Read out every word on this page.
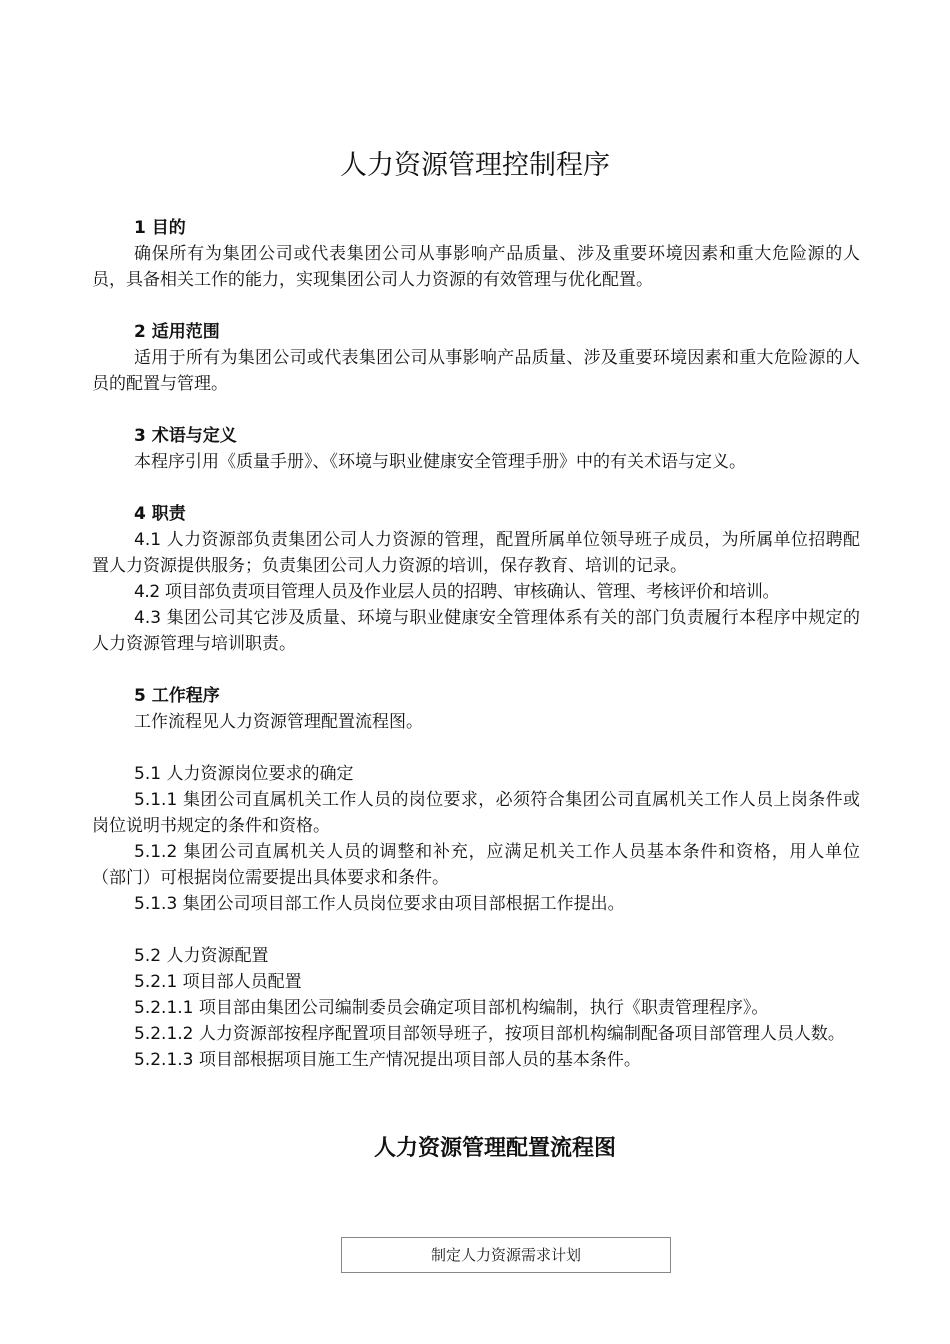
人力资源管理控制程序

1 目的

确保所有为集团公司或代表集团公司从事影响产品质量、涉及重要环境因素和重大危险源的人员，具备相关工作的能力，实现集团公司人力资源的有效管理与优化配置。

2 适用范围

适用于所有为集团公司或代表集团公司从事影响产品质量、涉及重要环境因素和重大危险源的人员的配置与管理。

3 术语与定义

本程序引用《质量手册》、《环境与职业健康安全管理手册》中的有关术语与定义。

4 职责

4.1 人力资源部负责集团公司人力资源的管理，配置所属单位领导班子成员，为所属单位招聘配置人力资源提供服务；负责集团公司人力资源的培训，保存教育、培训的记录。

4.2 项目部负责项目管理人员及作业层人员的招聘、审核确认、管理、考核评价和培训。

4.3 集团公司其它涉及质量、环境与职业健康安全管理体系有关的部门负责履行本程序中规定的人力资源管理与培训职责。

5 工作程序

工作流程见人力资源管理配置流程图。

5.1 人力资源岗位要求的确定

5.1.1 集团公司直属机关工作人员的岗位要求，必须符合集团公司直属机关工作人员上岗条件或岗位说明书规定的条件和资格。

5.1.2 集团公司直属机关人员的调整和补充，应满足机关工作人员基本条件和资格，用人单位（部门）可根据岗位需要提出具体要求和条件。

5.1.3 集团公司项目部工作人员岗位要求由项目部根据工作提出。

5.2 人力资源配置

5.2.1 项目部人员配置

5.2.1.1 项目部由集团公司编制委员会确定项目部机构编制，执行《职责管理程序》。

5.2.1.2 人力资源部按程序配置项目部领导班子，按项目部机构编制配备项目部管理人员人数。

5.2.1.3 项目部根据项目施工生产情况提出项目部人员的基本条件。

人力资源管理配置流程图
制定人力资源需求计划
